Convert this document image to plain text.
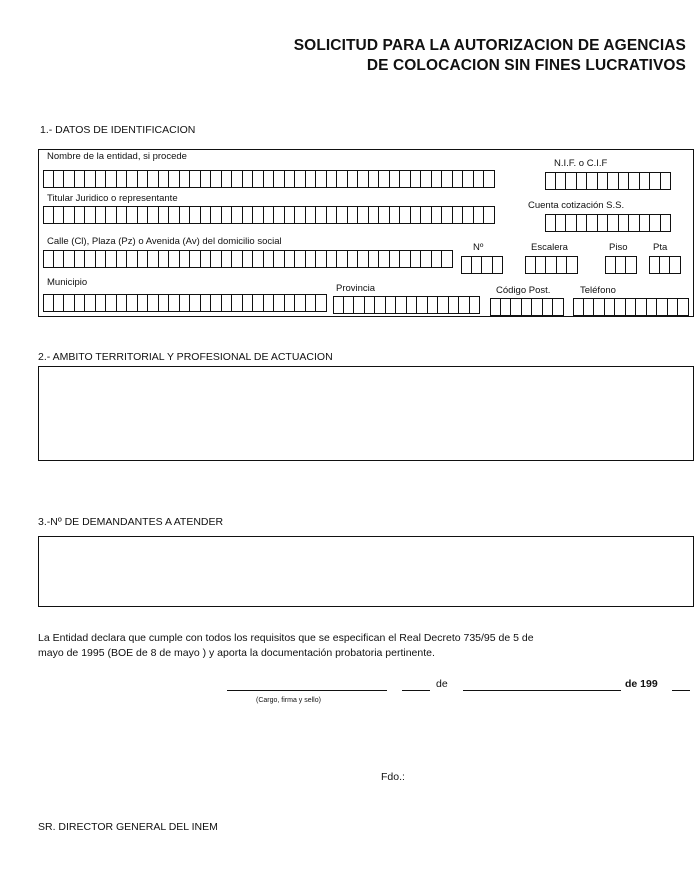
SOLICITUD PARA LA AUTORIZACION DE AGENCIAS
DE COLOCACION SIN FINES LUCRATIVOS
1.- DATOS DE IDENTIFICACION
Nombre de la entidad, si procede
N.I.F. o C.I.F
Titular Juridico o representante
Cuenta cotización S.S.
Calle (Cl), Plaza (Pz) o Avenida (Av) del domicilio social
Nº	Escalera	Piso	Pta
Municipio
Provincia	Código Post.	Teléfono
2.- AMBITO TERRITORIAL Y PROFESIONAL DE ACTUACION
3.-Nº DE DEMANDANTES A ATENDER
La Entidad declara que cumple con todos los requisitos que se especifican el Real Decreto 735/95 de 5 de
mayo de 1995 (BOE de 8 de mayo ) y aporta la documentación probatoria pertinente.
de	de 199
(Cargo, firma y sello)
Fdo.:
SR. DIRECTOR GENERAL DEL INEM
